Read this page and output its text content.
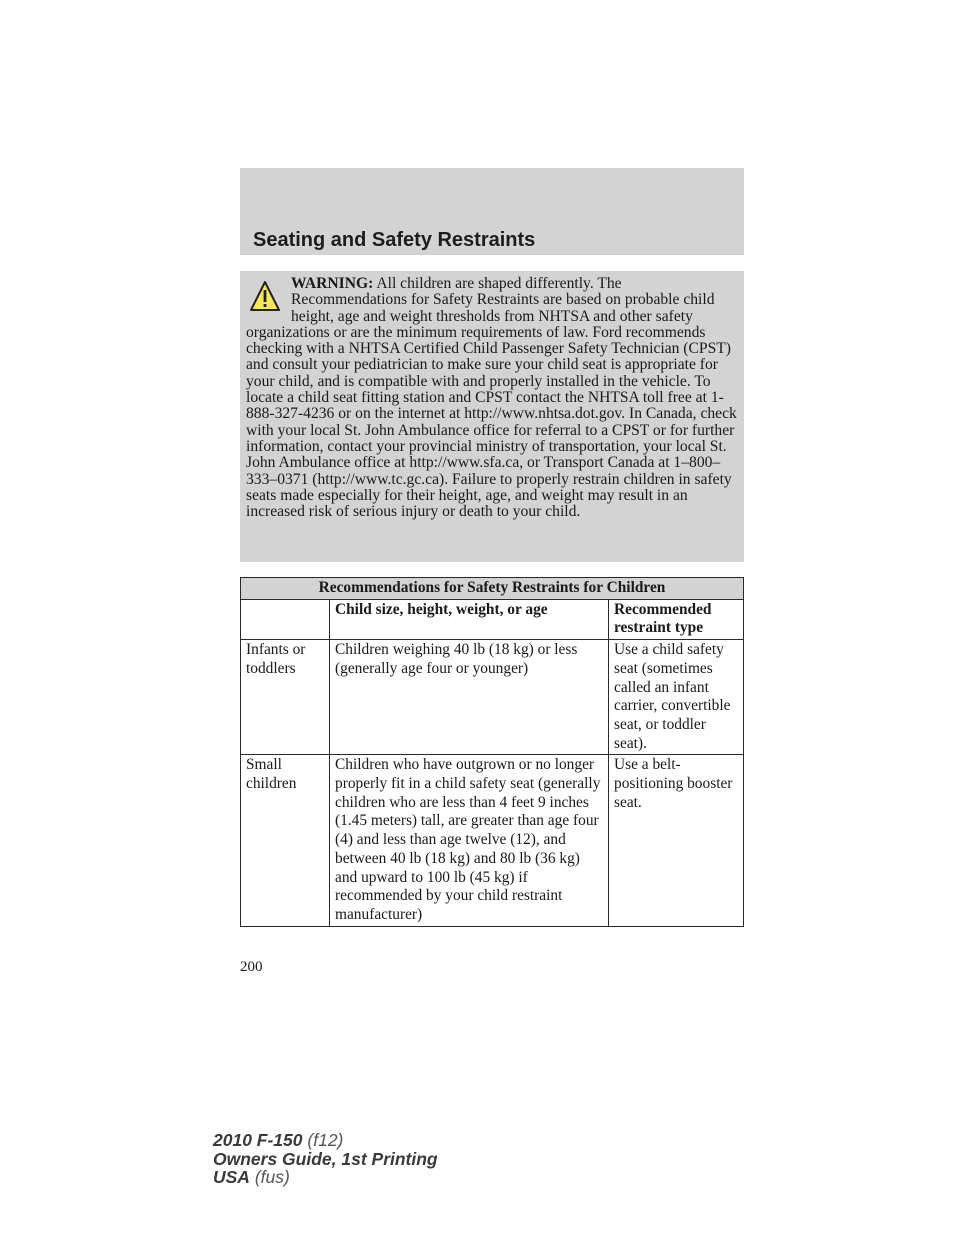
Seating and Safety Restraints
WARNING: All children are shaped differently. The Recommendations for Safety Restraints are based on probable child height, age and weight thresholds from NHTSA and other safety organizations or are the minimum requirements of law. Ford recommends checking with a NHTSA Certified Child Passenger Safety Technician (CPST) and consult your pediatrician to make sure your child seat is appropriate for your child, and is compatible with and properly installed in the vehicle. To locate a child seat fitting station and CPST contact the NHTSA toll free at 1-888-327-4236 or on the internet at http://www.nhtsa.dot.gov. In Canada, check with your local St. John Ambulance office for referral to a CPST or for further information, contact your provincial ministry of transportation, your local St. John Ambulance office at http://www.sfa.ca, or Transport Canada at 1–800–333–0371 (http://www.tc.gc.ca). Failure to properly restrain children in safety seats made especially for their height, age, and weight may result in an increased risk of serious injury or death to your child.
Recommendations for Safety Restraints for Children		
	Child size, height, weight, or age	Recommended restraint type
Infants or toddlers	Children weighing 40 lb (18 kg) or less (generally age four or younger)	Use a child safety seat (sometimes called an infant carrier, convertible seat, or toddler seat).
Small children	Children who have outgrown or no longer properly fit in a child safety seat (generally children who are less than 4 feet 9 inches (1.45 meters) tall, are greater than age four (4) and less than age twelve (12), and between 40 lb (18 kg) and 80 lb (36 kg) and upward to 100 lb (45 kg) if recommended by your child restraint manufacturer)	Use a belt-positioning booster seat.
200
2010 F-150 (f12)
Owners Guide, 1st Printing
USA (fus)
